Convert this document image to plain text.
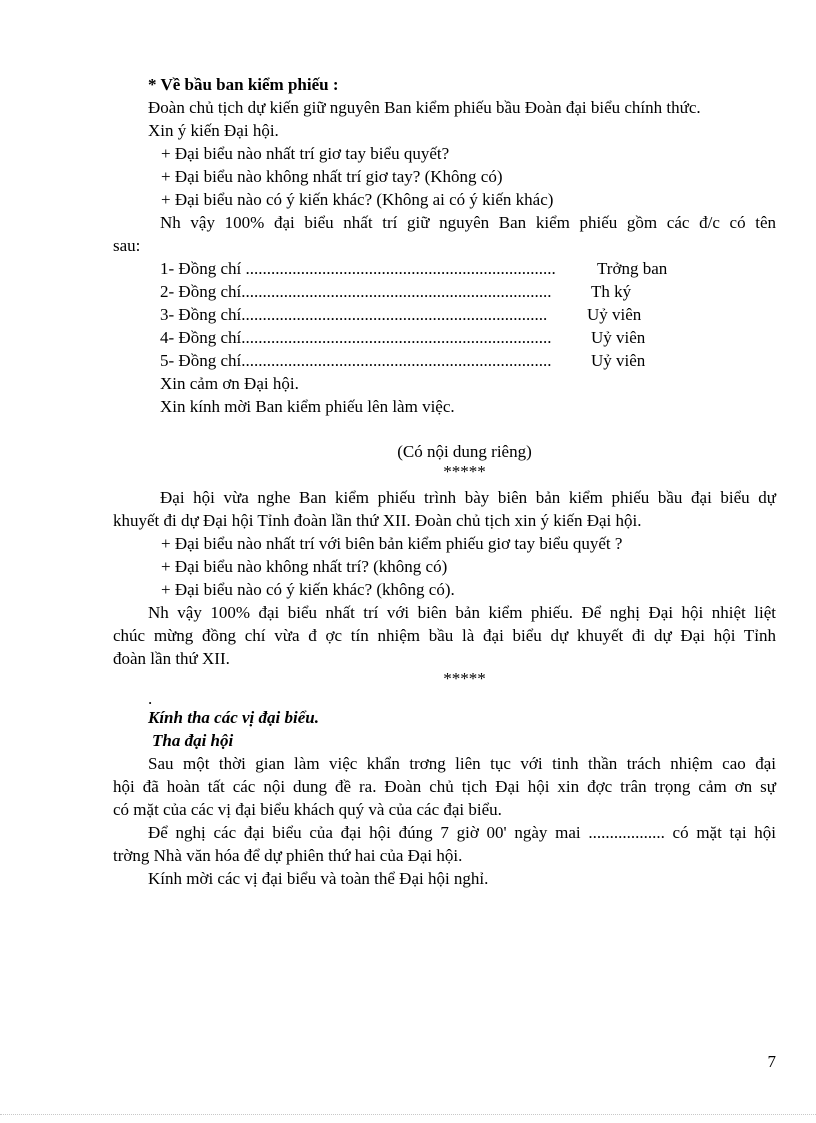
* Về bầu ban kiểm phiếu :
Đoàn chủ tịch dự kiến giữ nguyên Ban kiểm phiếu bầu Đoàn đại biểu chính thức.
Xin ý kiến Đại hội.
+ Đại biểu nào nhất trí giơ tay biểu quyết?
+ Đại biểu nào không nhất trí giơ tay? (Không có)
+ Đại biểu nào có ý kiến khác? (Không ai có ý kiến khác)
Nh vậy 100% đại biểu nhất trí giữ nguyên Ban kiểm phiếu gồm các đ/c có tên
sau:
1- Đồng chí ......................................................................... Trởng ban
2- Đồng chí......................................................................... Th ký
3- Đồng chí........................................................................ Uỷ viên
4- Đồng chí......................................................................... Uỷ viên
5- Đồng chí......................................................................... Uỷ viên
Xin cảm ơn Đại hội.
Xin kính mời Ban kiểm phiếu lên làm việc.
(Có nội dung riêng)
*****
Đại hội vừa nghe Ban kiểm phiếu trình bày biên bản kiểm phiếu bầu đại biểu dự
khuyết đi dự Đại hội Tỉnh đoàn lần thứ XII. Đoàn chủ tịch xin ý kiến Đại hội.
+ Đại biểu nào nhất trí với biên bản kiểm phiếu giơ tay biểu quyết ?
+ Đại biểu nào không nhất trí? (không có)
+ Đại biểu nào có ý kiến khác? (không có).
Nh vậy 100% đại biểu nhất trí với biên bản kiểm phiếu. Để nghị Đại hội nhiệt liệt
chúc mừng đồng chí vừa đ ợc tín nhiệm bầu là đại biểu dự khuyết đi dự Đại hội Tỉnh
đoàn lần thứ XII.
*****
.
Kính tha các vị đại biểu.
Tha đại hội
Sau một thời gian làm việc khẩn trơng liên tục với tinh thần trách nhiệm cao đại
hội đã hoàn tất các nội dung đề ra. Đoàn chủ tịch Đại hội xin đợc trân trọng cảm ơn sự
có mặt của các vị đại biểu khách quý và của các đại biểu.
Để nghị các đại biểu của đại hội đúng 7 giờ 00' ngày mai .................. có mặt tại hội
trờng Nhà văn hóa để dự phiên thứ hai của Đại hội.
Kính mời các vị đại biểu và toàn thể Đại hội nghỉ.
7
